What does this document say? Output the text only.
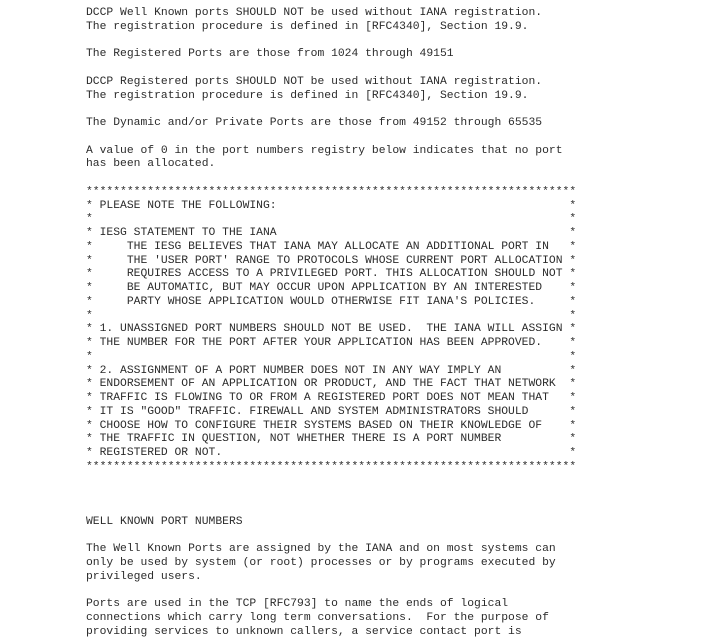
DCCP Well Known ports SHOULD NOT be used without IANA registration.
The registration procedure is defined in [RFC4340], Section 19.9.
The Registered Ports are those from 1024 through 49151
DCCP Registered ports SHOULD NOT be used without IANA registration.
The registration procedure is defined in [RFC4340], Section 19.9.
The Dynamic and/or Private Ports are those from 49152 through 65535
A value of 0 in the port numbers registry below indicates that no port
has been allocated.
************************************************************************
* PLEASE NOTE THE FOLLOWING:                                           *
*                                                                      *
* IESG STATEMENT TO THE IANA                                           *
*     THE IESG BELIEVES THAT IANA MAY ALLOCATE AN ADDITIONAL PORT IN   *
*     THE 'USER PORT' RANGE TO PROTOCOLS WHOSE CURRENT PORT ALLOCATION *
*     REQUIRES ACCESS TO A PRIVILEGED PORT. THIS ALLOCATION SHOULD NOT *
*     BE AUTOMATIC, BUT MAY OCCUR UPON APPLICATION BY AN INTERESTED    *
*     PARTY WHOSE APPLICATION WOULD OTHERWISE FIT IANA'S POLICIES.     *
*                                                                      *
* 1. UNASSIGNED PORT NUMBERS SHOULD NOT BE USED.  THE IANA WILL ASSIGN *
* THE NUMBER FOR THE PORT AFTER YOUR APPLICATION HAS BEEN APPROVED.    *
*                                                                      *
* 2. ASSIGNMENT OF A PORT NUMBER DOES NOT IN ANY WAY IMPLY AN          *
* ENDORSEMENT OF AN APPLICATION OR PRODUCT, AND THE FACT THAT NETWORK  *
* TRAFFIC IS FLOWING TO OR FROM A REGISTERED PORT DOES NOT MEAN THAT   *
* IT IS "GOOD" TRAFFIC. FIREWALL AND SYSTEM ADMINISTRATORS SHOULD      *
* CHOOSE HOW TO CONFIGURE THEIR SYSTEMS BASED ON THEIR KNOWLEDGE OF    *
* THE TRAFFIC IN QUESTION, NOT WHETHER THERE IS A PORT NUMBER          *
* REGISTERED OR NOT.                                                   *
************************************************************************
WELL KNOWN PORT NUMBERS
The Well Known Ports are assigned by the IANA and on most systems can
only be used by system (or root) processes or by programs executed by
privileged users.
Ports are used in the TCP [RFC793] to name the ends of logical
connections which carry long term conversations.  For the purpose of
providing services to unknown callers, a service contact port is
